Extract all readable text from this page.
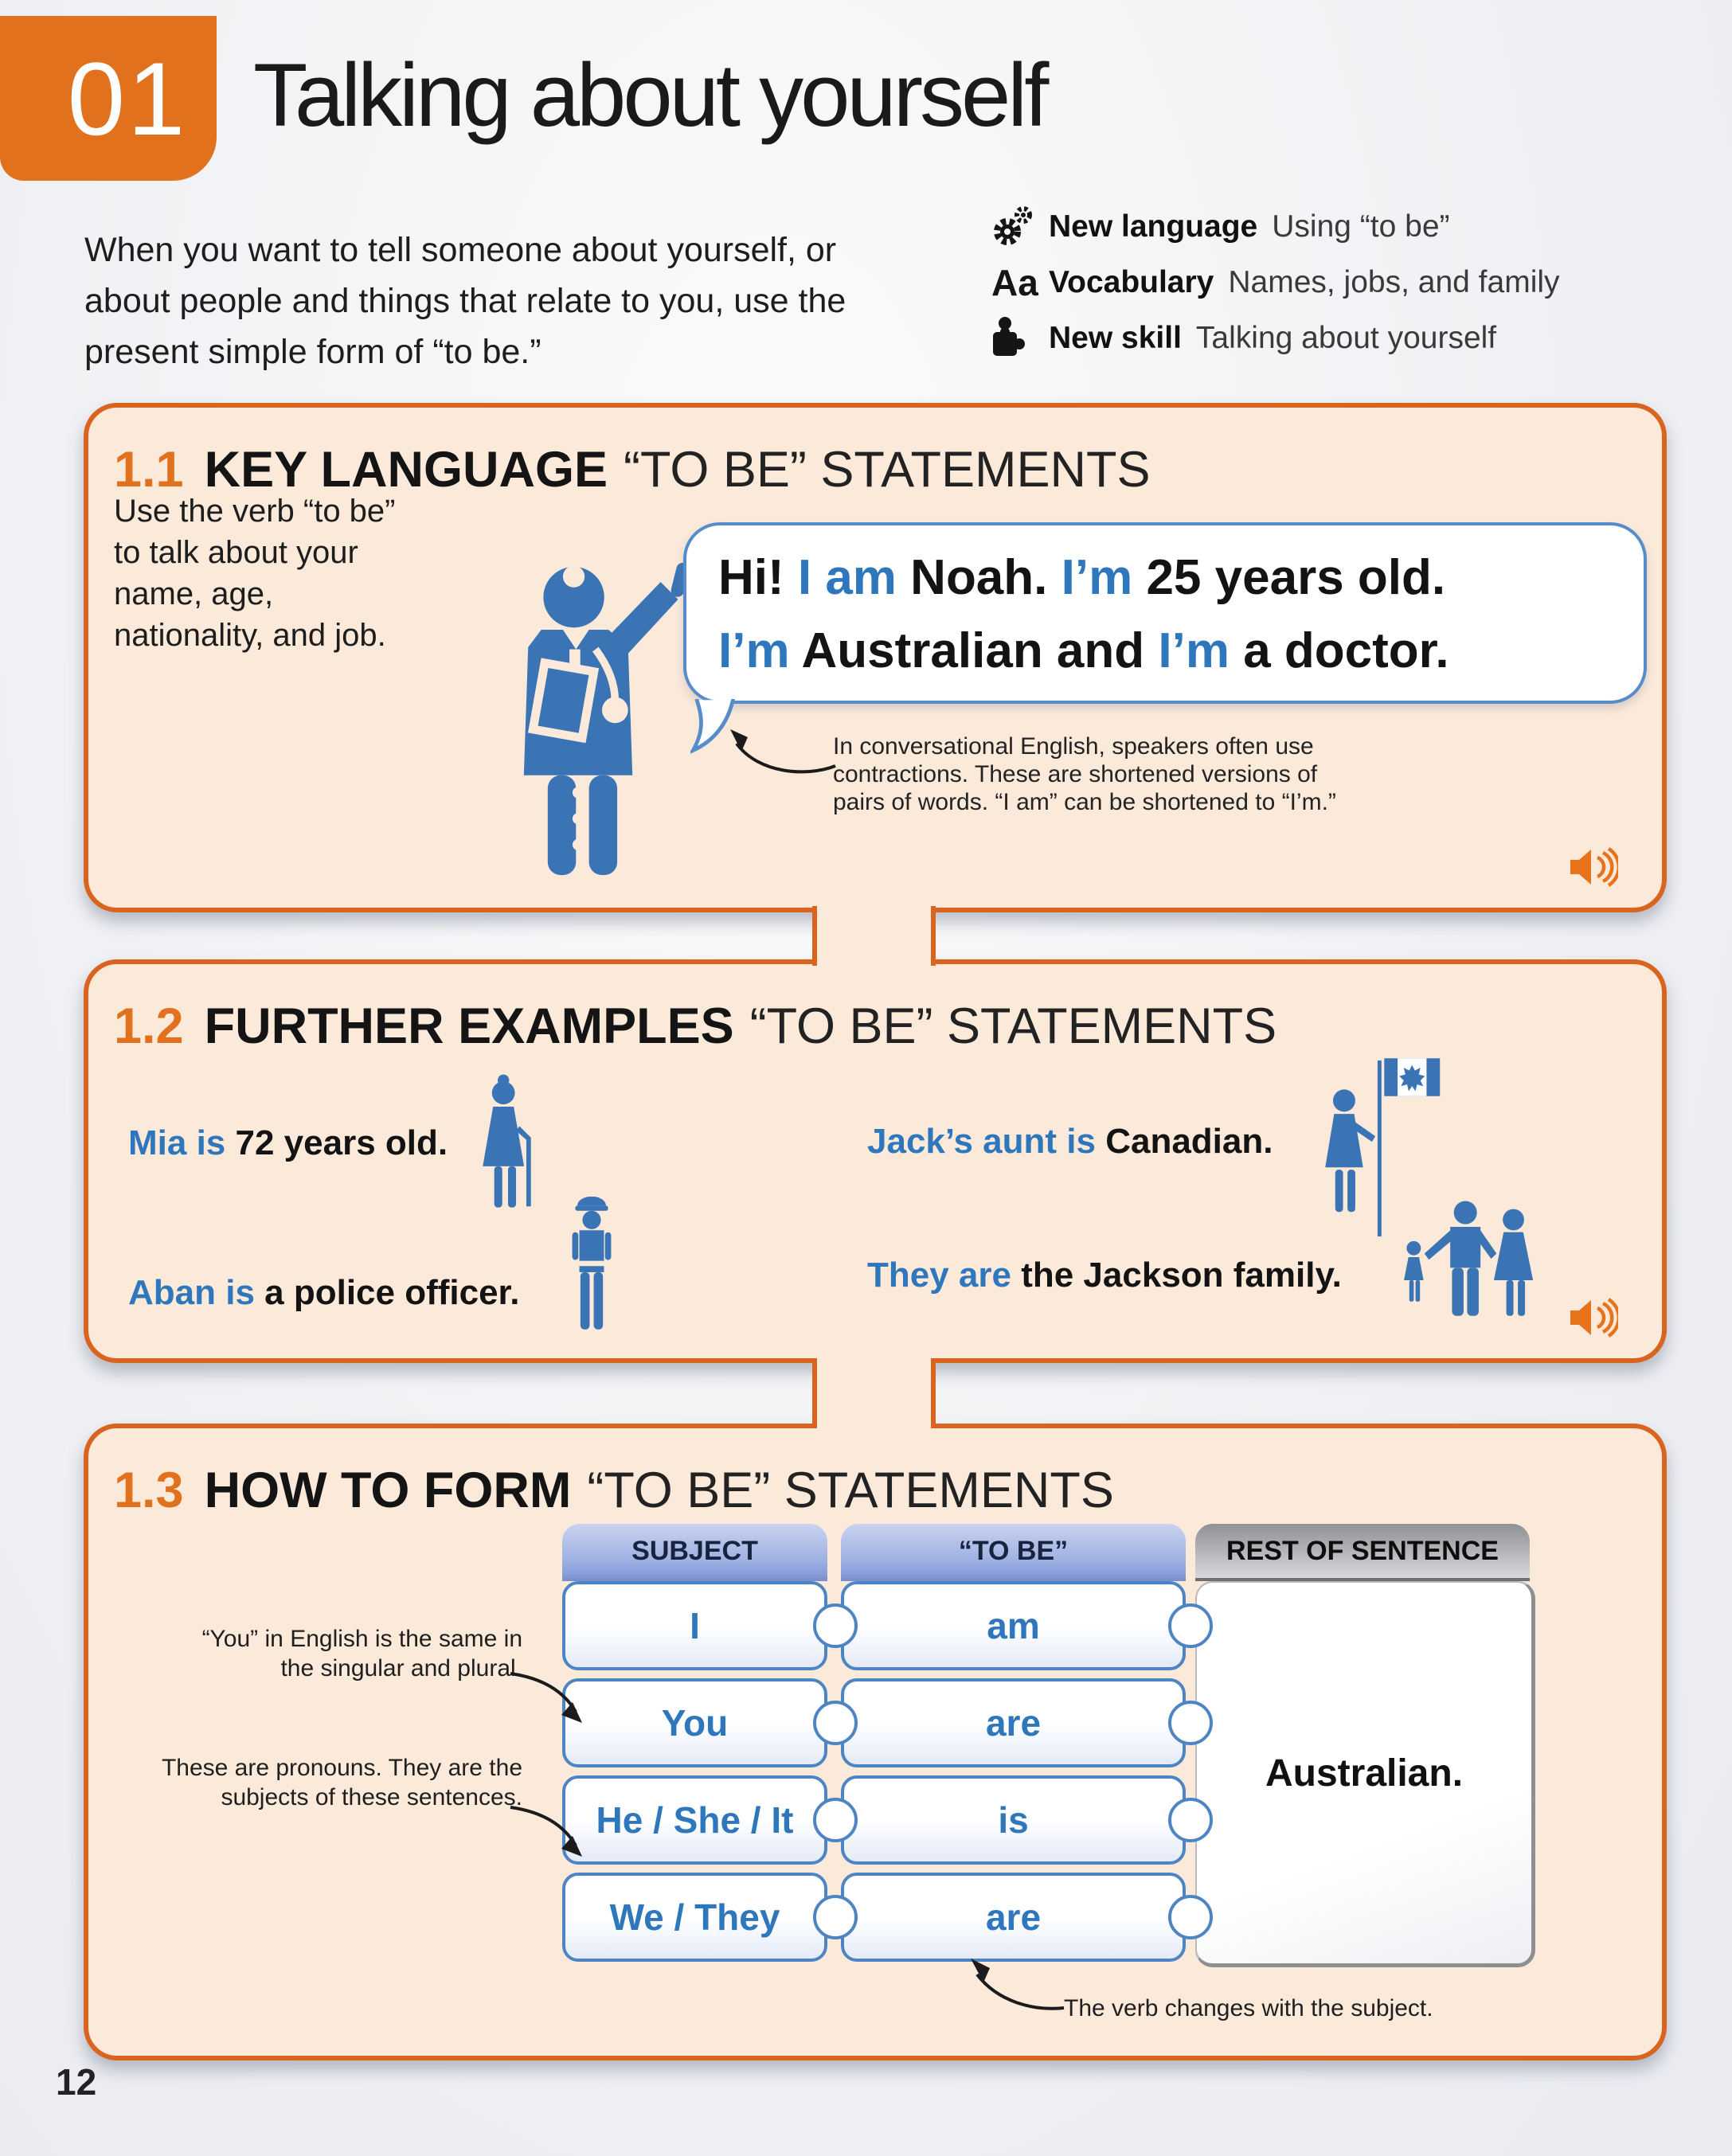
01 Talking about yourself
When you want to tell someone about yourself, or about people and things that relate to you, use the present simple form of “to be.”
New language Using “to be”
Aa Vocabulary Names, jobs, and family
New skill Talking about yourself
1.1 KEY LANGUAGE “TO BE” STATEMENTS
Use the verb “to be” to talk about your name, age, nationality, and job.
Hi! I am Noah. I’m 25 years old.
I’m Australian and I’m a doctor.
In conversational English, speakers often use contractions. These are shortened versions of pairs of words. “I am” can be shortened to “I’m.”
1.2 FURTHER EXAMPLES “TO BE” STATEMENTS
Mia is 72 years old.
Aban is a police officer.
Jack’s aunt is Canadian.
They are the Jackson family.
1.3 HOW TO FORM “TO BE” STATEMENTS
SUBJECT	“TO BE”	REST OF SENTENCE
Australian.
I	am
You	are
He / She / It	is
We / They	are
“You” in English is the same in the singular and plural.
These are pronouns. They are the subjects of these sentences.
The verb changes with the subject.
12
